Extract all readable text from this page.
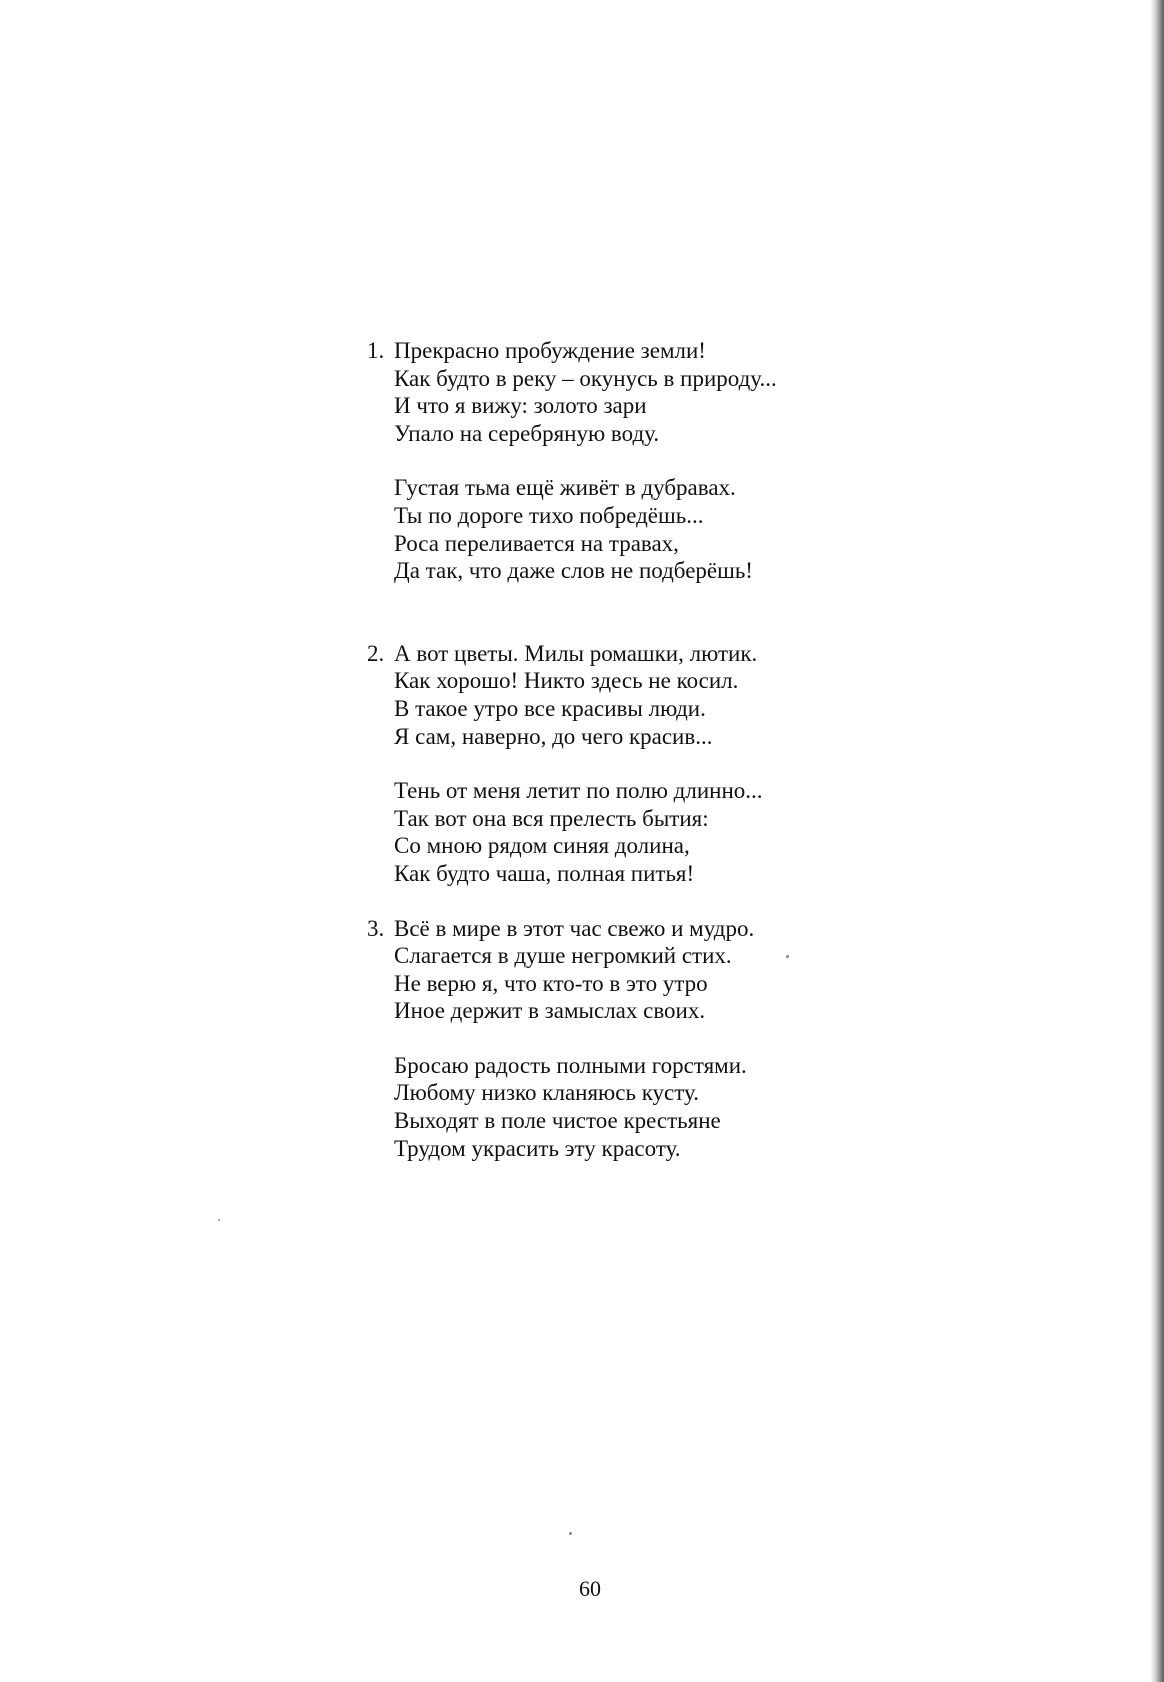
1. Прекрасно пробуждение земли!
Как будто в реку – окунусь в природу...
И что я вижу: золото зари
Упало на серебряную воду.
Густая тьма ещё живёт в дубравах.
Ты по дороге тихо побредёшь...
Роса переливается на травах,
Да так, что даже слов не подберёшь!
2. А вот цветы. Милы ромашки, лютик.
Как хорошо! Никто здесь не косил.
В такое утро все красивы люди.
Я сам, наверно, до чего красив...
Тень от меня летит по полю длинно...
Так вот она вся прелесть бытия:
Со мною рядом синяя долина,
Как будто чаша, полная питья!
3. Всё в мире в этот час свежо и мудро.
Слагается в душе негромкий стих.
Не верю я, что кто-то в это утро
Иное держит в замыслах своих.
Бросаю радость полными горстями.
Любому низко кланяюсь кусту.
Выходят в поле чистое крестьяне
Трудом украсить эту красоту.
60
